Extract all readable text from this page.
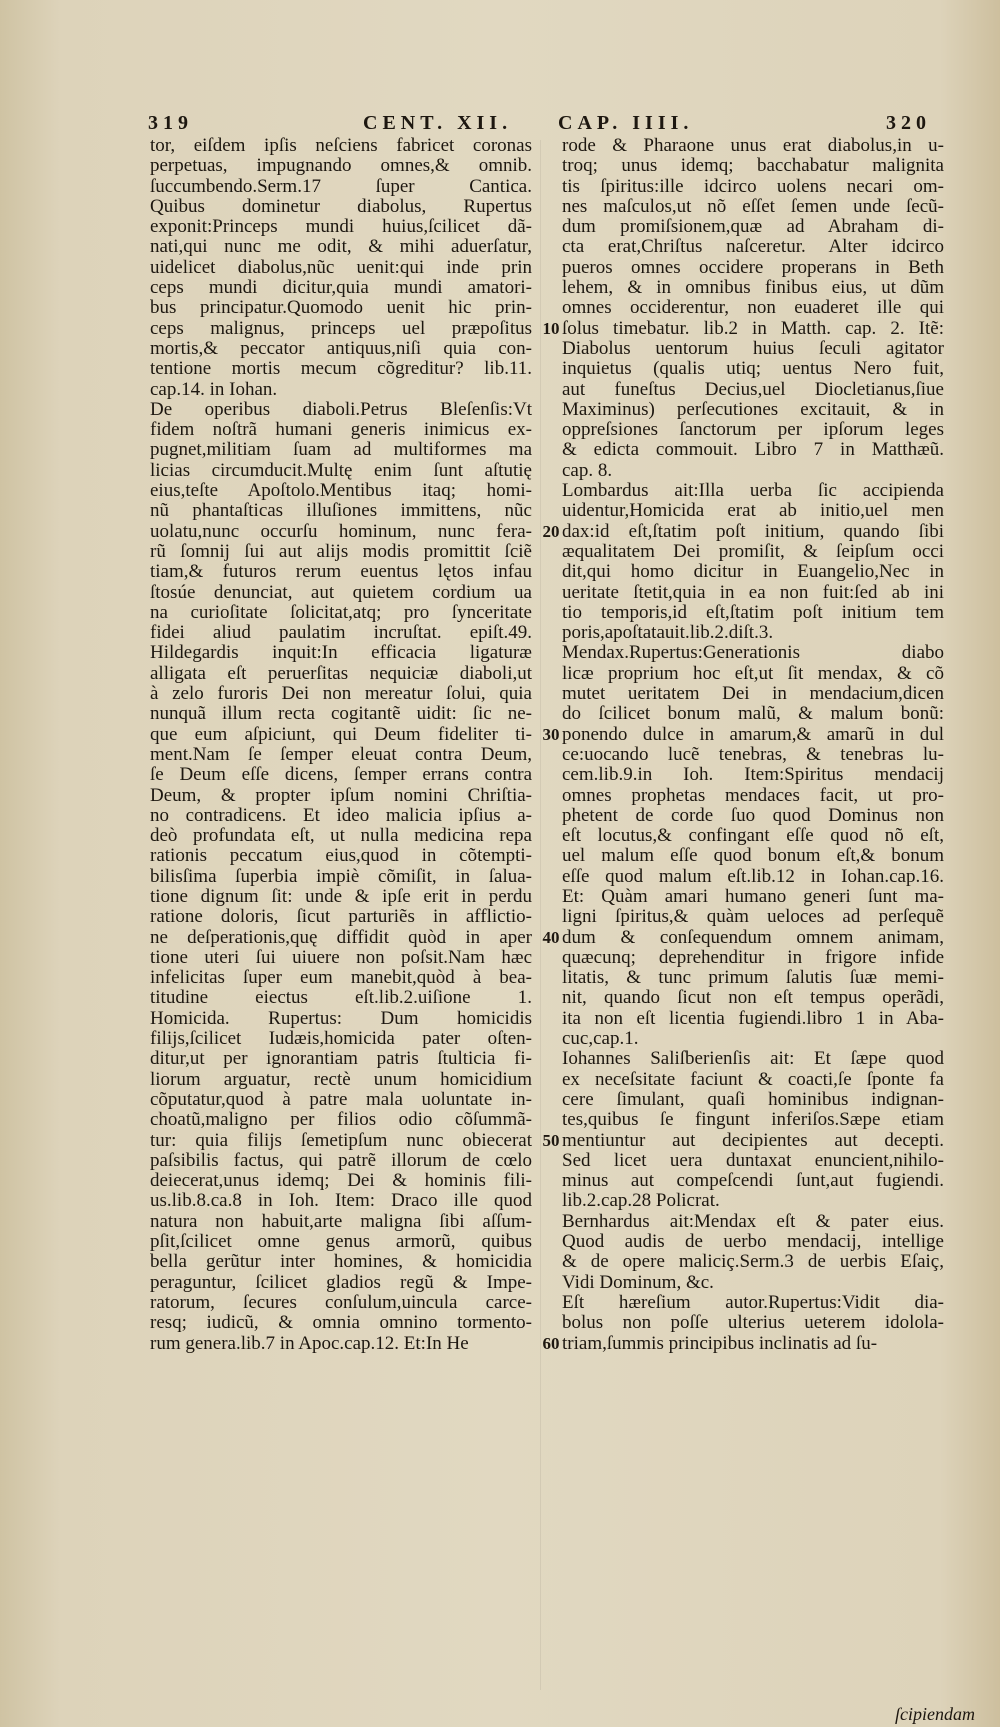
319	CENT. XII. CAP. IIII.	320
tor, eiſdem ipſis neſciens fabricet coronas
perpetuas, impugnando omnes,& omnib.
ſuccumbendo.Serm.17 ſuper Cantica.
Quibus dominetur diabolus, Rupertus
exponit:Princeps mundi huius,ſcilicet dã-
nati,qui nunc me odit, & mihi aduerſatur,
uidelicet diabolus,nũc uenit:qui inde prin
ceps mundi dicitur,quia mundi amatori-
bus principatur.Quomodo uenit hic prin-
ceps malignus, princeps uel præpoſitus
mortis,& peccator antiquus,niſi quia con-
tentione mortis mecum cõgreditur? lib.11.
cap.14. in Iohan.
De operibus diaboli.Petrus Bleſenſis:Vt
fidem noſtrã humani generis inimicus ex-
pugnet,militiam ſuam ad multiformes ma
licias circumducit.Multę enim ſunt aſtutię
eius,teſte Apoſtolo.Mentibus itaq; homi-
nũ phantaſticas illuſiones immittens, nũc
uolatu,nunc occurſu hominum, nunc fera-
rũ ſomnij ſui aut alijs modis promittit ſciẽ
tiam,& futuros rerum euentus lętos infau
ſtosúe denunciat, aut quietem cordium ua
na curioſitate ſolicitat,atq; pro ſynceritate
fidei aliud paulatim incruſtat. epiſt.49.
Hildegardis inquit:In efficacia ligaturæ
alligata eſt peruerſitas nequiciæ diaboli,ut
à zelo furoris Dei non mereatur ſolui, quia
nunquã illum recta cogitantẽ uidit: ſic ne-
que eum aſpiciunt, qui Deum fideliter ti-
ment.Nam ſe ſemper eleuat contra Deum,
ſe Deum eſſe dicens, ſemper errans contra
Deum, & propter ipſum nomini Chriſtia-
no contradicens. Et ideo malicia ipſius a-
deò profundata eſt, ut nulla medicina repa
rationis peccatum eius,quod in cõtempti-
bilisſima ſuperbia impiè cõmiſit, in ſalua-
tione dignum ſit: unde & ipſe erit in perdu
ratione doloris, ſicut parturiẽs in afflictio-
ne deſperationis,quę diffidit quòd in aper
tione uteri ſui uiuere non poſsit.Nam hæc
infelicitas ſuper eum manebit,quòd à bea-
titudine eiectus eſt.lib.2.uiſione 1.
Homicida. Rupertus: Dum homicidis
filijs,ſcilicet Iudæis,homicida pater oſten-
ditur,ut per ignorantiam patris ſtulticia fi-
liorum arguatur, rectè unum homicidium
cõputatur,quod à patre mala uoluntate in-
choatũ,maligno per filios odio cõſummã-
tur: quia filijs ſemetipſum nunc obiecerat
paſsibilis factus, qui patrẽ illorum de cœlo
deiecerat,unus idemq; Dei & hominis fili-
us.lib.8.ca.8 in Ioh. Item: Draco ille quod
natura non habuit,arte maligna ſibi aſſum-
pſit,ſcilicet omne genus armorũ, quibus
bella gerũtur inter homines, & homicidia
peraguntur, ſcilicet gladios regũ & Impe-
ratorum, ſecures conſulum,uincula carce-
resq; iudicũ, & omnia omnino tormento-
rum genera.lib.7 in Apoc.cap.12. Et:In He
rode & Pharaone unus erat diabolus,in u-
troq; unus idemq; bacchabatur malignita
tis ſpiritus:ille idcirco uolens necari om-
nes maſculos,ut nõ eſſet ſemen unde ſecũ-
dum promiſsionem,quæ ad Abraham di-
cta erat,Chriſtus naſceretur. Alter idcirco
pueros omnes occidere properans in Beth
lehem, & in omnibus finibus eius, ut dũm
omnes occiderentur, non euaderet ille qui
ſolus timebatur. lib.2 in Matth. cap. 2. Itẽ:
Diabolus uentorum huius ſeculi agitator
inquietus (qualis utiq; uentus Nero fuit,
aut funeſtus Decius,uel Diocletianus,ſiue
Maximinus) perſecutiones excitauit, & in
oppreſsiones ſanctorum per ipſorum leges
& edicta commouit. Libro 7 in Matthæũ.
cap. 8.
Lombardus ait:Illa uerba ſic accipienda
uidentur,Homicida erat ab initio,uel men
dax:id eſt,ſtatim poſt initium, quando ſibi
æqualitatem Dei promiſit, & ſeipſum occi
dit,qui homo dicitur in Euangelio,Nec in
ueritate ſtetit,quia in ea non fuit:ſed ab ini
tio temporis,id eſt,ſtatim poſt initium tem
poris,apoſtatauit.lib.2.diſt.3.
Mendax.Rupertus:Generationis diabo
licæ proprium hoc eſt,ut ſit mendax, & cõ
mutet ueritatem Dei in mendacium,dicen
do ſcilicet bonum malũ, & malum bonũ:
ponendo dulce in amarum,& amarũ in dul
ce:uocando lucẽ tenebras, & tenebras lu-
cem.lib.9.in Ioh. Item:Spiritus mendacij
omnes prophetas mendaces facit, ut pro-
phetent de corde ſuo quod Dominus non
eſt locutus,& confingant eſſe quod nõ eſt,
uel malum eſſe quod bonum eſt,& bonum
eſſe quod malum eſt.lib.12 in Iohan.cap.16.
Et: Quàm amari humano generi ſunt ma-
ligni ſpiritus,& quàm ueloces ad perſequẽ
dum & conſequendum omnem animam,
quæcunq; deprehenditur in frigore infide
litatis, & tunc primum ſalutis ſuæ memi-
nit, quando ſicut non eſt tempus operãdi,
ita non eſt licentia fugiendi.libro 1 in Aba-
cuc,cap.1.
Iohannes Saliſberienſis ait: Et ſæpe quod
ex neceſsitate faciunt & coacti,ſe ſponte fa
cere ſimulant, quaſi hominibus indignan-
tes,quibus ſe fingunt inferiſos.Sæpe etiam
mentiuntur aut decipientes aut decepti.
Sed licet uera duntaxat enuncient,nihilo-
minus aut compeſcendi ſunt,aut fugiendi.
lib.2.cap.28 Policrat.
Bernhardus ait:Mendax eſt & pater eius.
Quod audis de uerbo mendacij, intellige
& de opere maliciç.Serm.3 de uerbis Eſaiç,
Vidi Dominum, &c.
Eſt hæreſium autor.Rupertus:Vidit dia-
bolus non poſſe ulterius ueterem idolola-
triam,ſummis principibus inclinatis ad ſu-
10
20
30
40
50
60
ſcipiendam
